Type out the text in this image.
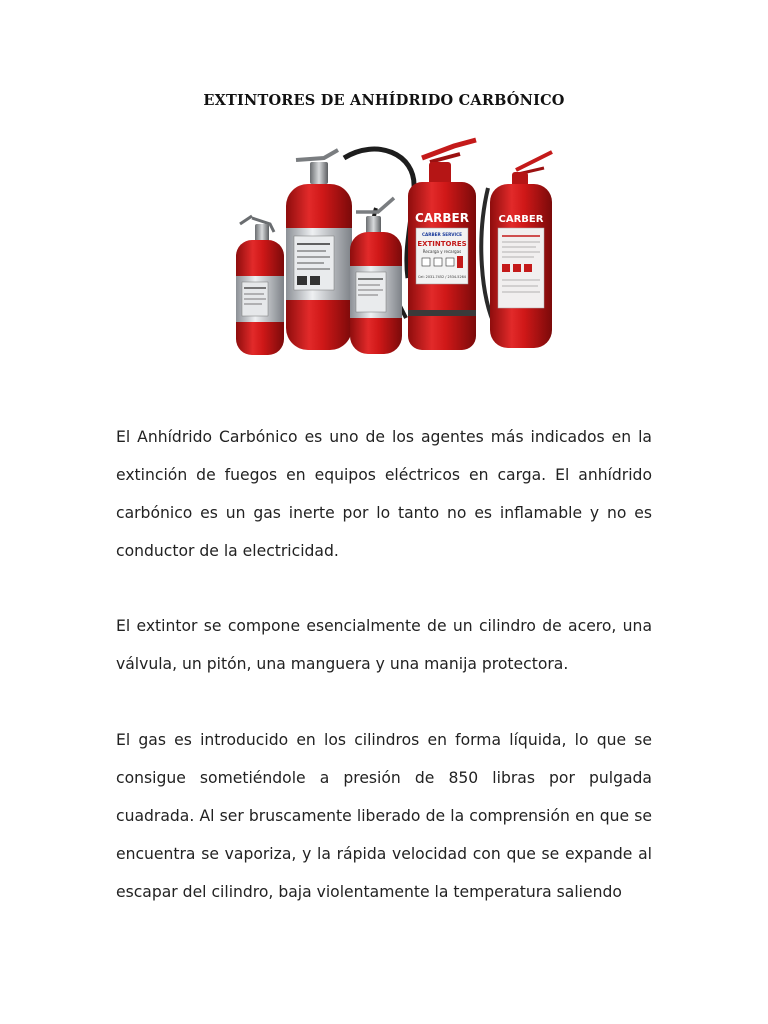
EXTINTORES DE ANHÍDRIDO CARBÓNICO
CARBER
CARBER SERVICE
EXTINTORES
Recarga y recargas
Cel: 2031-7452 / 2534-5264
CARBER

El Anhídrido Carbónico es uno de los agentes más indicados en la extinción de fuegos en equipos eléctricos en carga. El anhídrido carbónico es un gas inerte por lo tanto no es inflamable y no es conductor de la electricidad.

El extintor se compone esencialmente de un cilindro de acero, una válvula, un pitón, una manguera y una manija protectora.

El gas es introducido en los cilindros en forma líquida, lo que se consigue sometiéndole a presión de 850 libras por pulgada cuadrada. Al ser bruscamente liberado de la comprensión en que se encuentra se vaporiza, y la rápida velocidad con que se expande al escapar del cilindro, baja violentamente la temperatura saliendo
